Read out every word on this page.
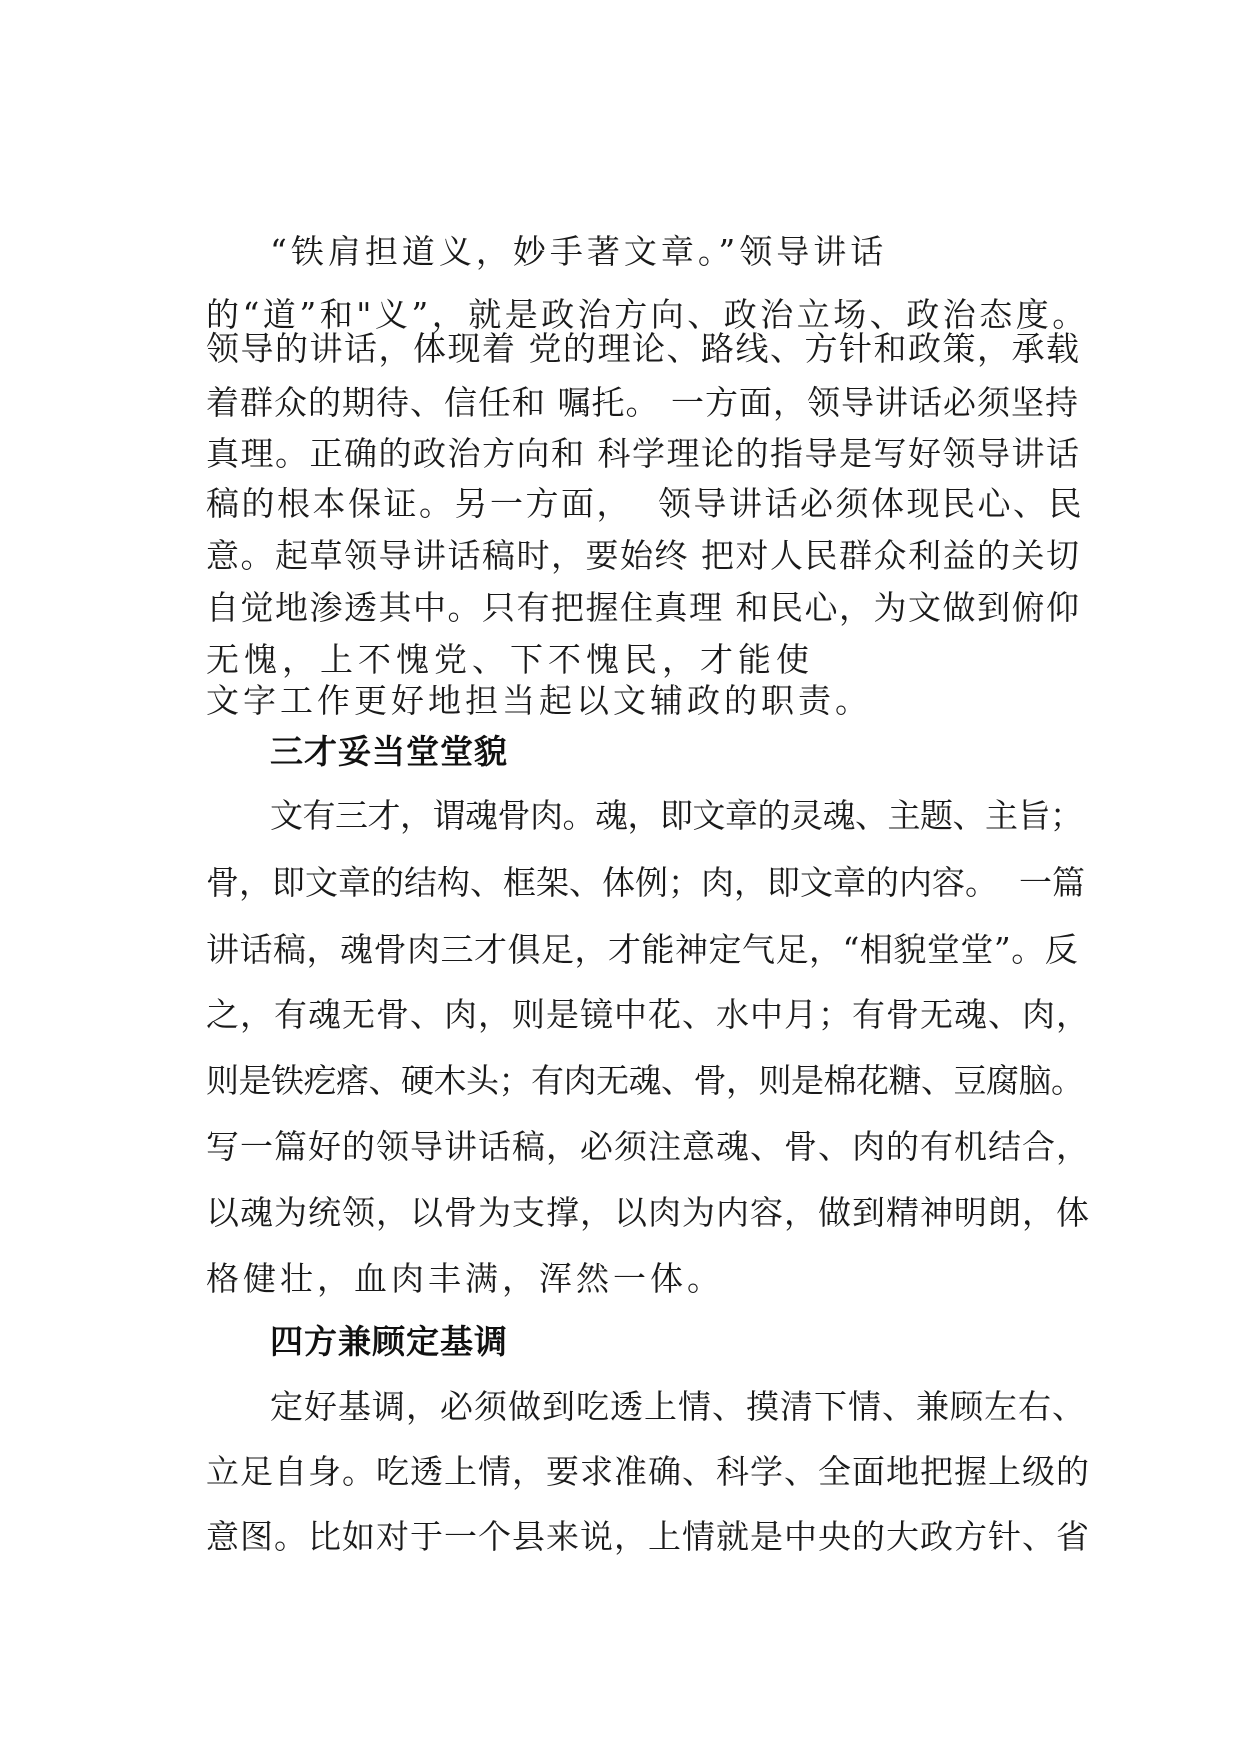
“铁肩担道义，妙手著文章。”领导讲话
的“道”和"义”，就是政治方向、政治立场、政治态度。
领导的讲话，体现着 党的理论、路线、方针和政策，承载
着群众的期待、信任和 嘱托。 一方面，领导讲话必须坚持
真理。正确的政治方向和 科学理论的指导是写好领导讲话
稿的根本保证。另一方面，  领导讲话必须体现民心、民
意。起草领导讲话稿时，要始终 把对人民群众利益的关切
自觉地渗透其中。只有把握住真理 和民心，为文做到俯仰
无愧，上不愧党、下不愧民，才能使
文字工作更好地担当起以文辅政的职责。
三才妥当堂堂貌
文有三才，谓魂骨肉。魂，即文章的灵魂、主题、主旨；
骨，即文章的结构、框架、体例；肉，即文章的内容。  一篇
讲话稿，魂骨肉三才俱足，才能神定气足，“相貌堂堂”。反
之，有魂无骨、肉，则是镜中花、水中月；有骨无魂、肉，
则是铁疙瘩、硬木头；有肉无魂、骨，则是棉花糖、豆腐脑。
写一篇好的领导讲话稿，必须注意魂、骨、肉的有机结合，
以魂为统领，以骨为支撑，以肉为内容，做到精神明朗，体
格健壮，血肉丰满，浑然一体。
四方兼顾定基调
定好基调，必须做到吃透上情、摸清下情、兼顾左右、
立足自身。吃透上情，要求准确、科学、全面地把握上级的
意图。比如对于一个县来说，上情就是中央的大政方针、省
